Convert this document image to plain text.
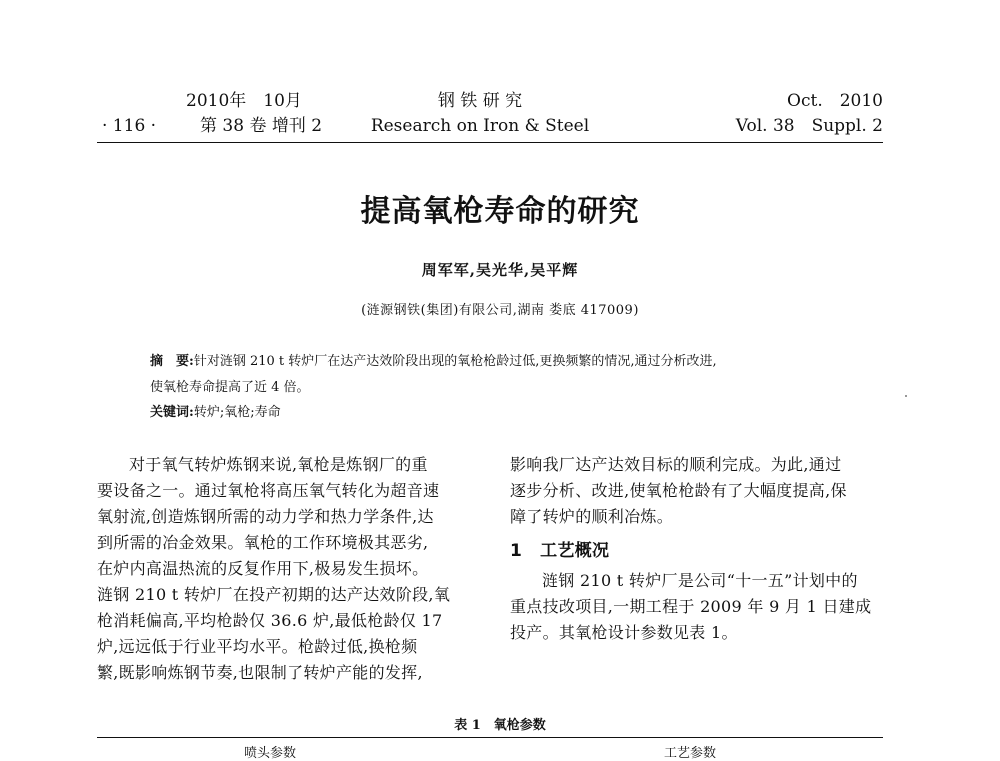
2010年　10月
· 116 ·	第 38 卷 增刊 2
钢 铁 研 究
Research on Iron & Steel
Oct.　2010
Vol. 38　Suppl. 2
提高氧枪寿命的研究
周军军,吴光华,吴平辉
(涟源钢铁(集团)有限公司,湖南 娄底 417009)
摘　要:针对涟钢 210 t 转炉厂在达产达效阶段出现的氧枪枪龄过低,更换频繁的情况,通过分析改进,
使氧枪寿命提高了近 4 倍。
关键词:转炉;氧枪;寿命
对于氧气转炉炼钢来说,氧枪是炼钢厂的重
要设备之一。通过氧枪将高压氧气转化为超音速
氧射流,创造炼钢所需的动力学和热力学条件,达
到所需的冶金效果。氧枪的工作环境极其恶劣,
在炉内高温热流的反复作用下,极易发生损坏。
涟钢 210 t 转炉厂在投产初期的达产达效阶段,氧
枪消耗偏高,平均枪龄仅 36.6 炉,最低枪龄仅 17
炉,远远低于行业平均水平。枪龄过低,换枪频
繁,既影响炼钢节奏,也限制了转炉产能的发挥,
影响我厂达产达效目标的顺利完成。为此,通过
逐步分析、改进,使氧枪枪龄有了大幅度提高,保
障了转炉的顺利冶炼。
1 工艺概况
涟钢 210 t 转炉厂是公司“十一五”计划中的
重点技改项目,一期工程于 2009 年 9 月 1 日建成
投产。其氧枪设计参数见表 1。
表 1　氧枪参数
喷头参数	工艺参数
